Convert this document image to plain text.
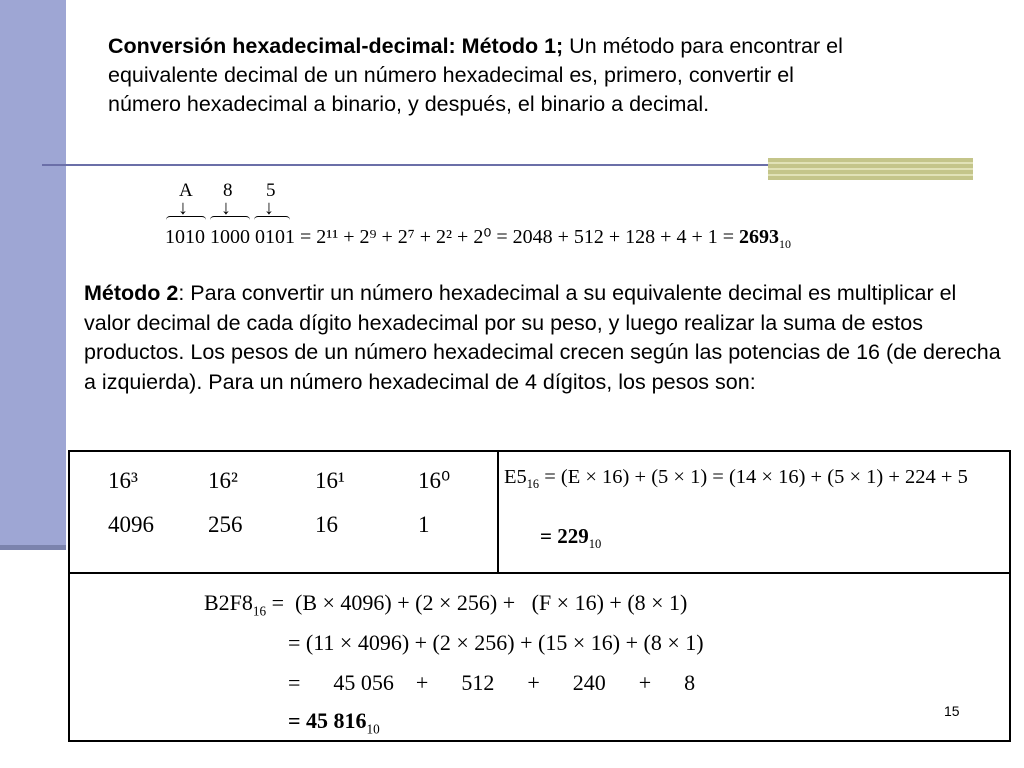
Conversión hexadecimal-decimal: Método 1; Un método para encontrar el equivalente decimal de un número hexadecimal es, primero, convertir el número hexadecimal a binario, y después, el binario a decimal.
A 8 5
↓ ↓ ↓
1010 1000 $0101 = 2^{11} + 2^9 + 2^7 + 2^2 + 2^0 = 2048 + 512 + 128 + 4 + 1 = 2693_{10}$
Método 2: Para convertir un número hexadecimal a su equivalente decimal es multiplicar el valor decimal de cada dígito hexadecimal por su peso, y luego realizar la suma de estos productos. Los pesos de un número hexadecimal crecen según las potencias de 16 (de derecha a izquierda). Para un número hexadecimal de 4 dígitos, los pesos son:
16³	16²	16¹	16⁰
4096 256	16	1
$E5_{16} = (E \times 16) + (5 \times 1) = (14 \times 16) + (5 \times 1) + 224 + 5$
= $229_{10}$
$B2F8_{16} = (B \times 4096) + (2 \times 256) + (F \times 16) + (8 \times 1)$
= (11 × 4096) + (2 × 256) + (15 × 16) + (8 × 1)
=      45 056    +      512      +      240      +      8
= 45 $816_{10}$
15
